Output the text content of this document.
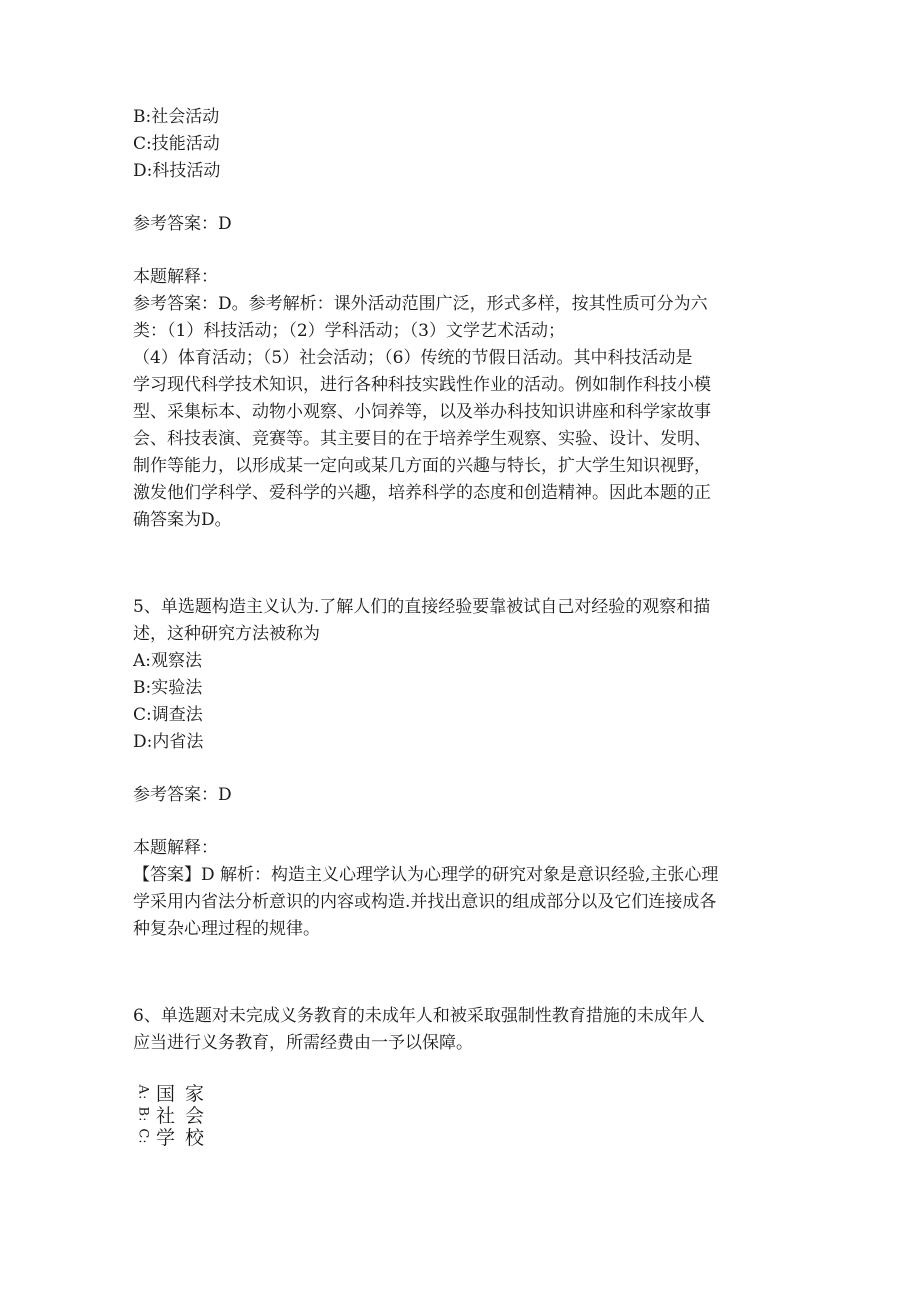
B:社会活动
C:技能活动
D:科技活动
参考答案：D
本题解释：
参考答案：D。参考解析：课外活动范围广泛，形式多样，按其性质可分为六
类：（1）科技活动；（2）学科活动；（3）文学艺术活动；
（4）体育活动；（5）社会活动；（6）传统的节假日活动。其中科技活动是
学习现代科学技术知识，进行各种科技实践性作业的活动。例如制作科技小模
型、采集标本、动物小观察、小饲养等，以及举办科技知识讲座和科学家故事
会、科技表演、竞赛等。其主要目的在于培养学生观察、实验、设计、发明、
制作等能力，以形成某一定向或某几方面的兴趣与特长，扩大学生知识视野，
激发他们学科学、爱科学的兴趣，培养科学的态度和创造精神。因此本题的正
确答案为D。
5、单选题构造主义认为.了解人们的直接经验要靠被试自己对经验的观察和描
述，这种研究方法被称为
A:观察法
B:实验法
C:调查法
D:内省法
参考答案：D
本题解释：
【答案】D 解析：构造主义心理学认为心理学的研究对象是意识经验,主张心理
学采用内省法分析意识的内容或构造.并找出意识的组成部分以及它们连接成各
种复杂心理过程的规律。
6、单选题对未完成义务教育的未成年人和被采取强制性教育措施的未成年人
应当进行义务教育，所需经费由一予以保障。
A: 国家
B: 社会
C: 学校
